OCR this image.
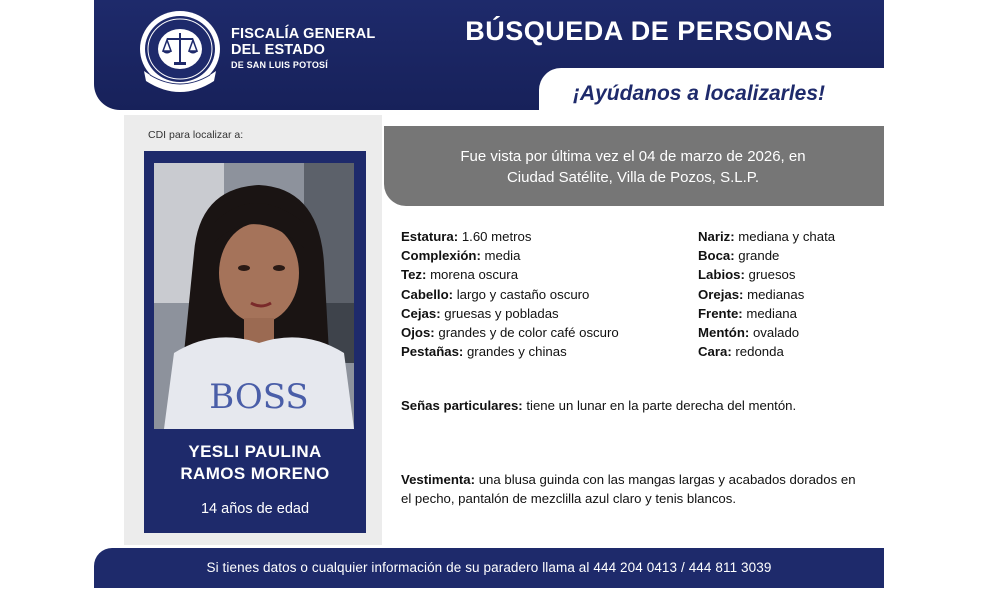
FISCALÍA GENERAL
DEL ESTADO
DE SAN LUIS POTOSÍ
BÚSQUEDA DE PERSONAS
¡Ayúdanos a localizarles!
CDI para localizar a:
BOSS
YESLI PAULINA
RAMOS MORENO
14 años de edad
Fue vista por última vez el 04 de marzo de 2026, en
Ciudad Satélite, Villa de Pozos, S.L.P.
Estatura: 1.60 metros
Complexión: media
Tez: morena oscura
Cabello: largo y castaño oscuro
Cejas: gruesas y pobladas
Ojos: grandes y de color café oscuro
Pestañas: grandes y chinas
Nariz: mediana y chata
Boca: grande
Labios: gruesos
Orejas: medianas
Frente: mediana
Mentón: ovalado
Cara: redonda
Señas particulares: tiene un lunar en la parte derecha del mentón.
Vestimenta: una blusa guinda con las mangas largas y acabados dorados en el pecho, pantalón de mezclilla azul claro y tenis blancos.
Si tienes datos o cualquier información de su paradero llama al 444 204 0413 / 444 811 3039
